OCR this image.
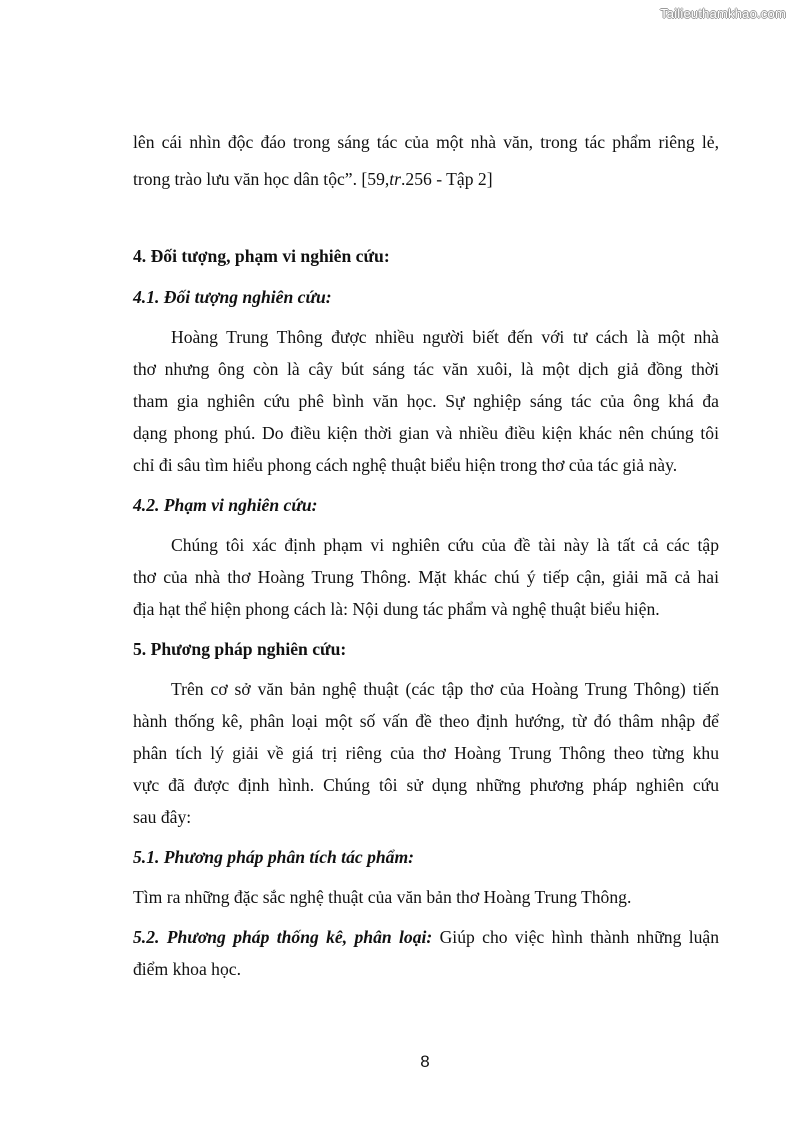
Tailieuthamkhao.com
lên cái nhìn độc đáo trong sáng tác của một nhà văn, trong tác phẩm riêng lẻ,
trong trào lưu văn học dân tộc”. [59,tr.256 - Tập 2]
4. Đối tượng, phạm vi nghiên cứu:
4.1. Đối tượng nghiên cứu:
Hoàng Trung Thông được nhiều người biết đến với tư cách là một nhà
thơ nhưng ông còn là cây bút sáng tác văn xuôi, là một dịch giả đồng thời
tham gia nghiên cứu phê bình văn học. Sự nghiệp sáng tác của ông khá đa
dạng phong phú. Do điều kiện thời gian và nhiều điều kiện khác nên chúng tôi
chỉ đi sâu tìm hiểu phong cách nghệ thuật biểu hiện trong thơ của tác giả này.
4.2. Phạm vi nghiên cứu:
Chúng tôi xác định phạm vi nghiên cứu của đề tài này là tất cả các tập
thơ của nhà thơ Hoàng Trung Thông. Mặt khác chú ý tiếp cận, giải mã cả hai
địa hạt thể hiện phong cách là: Nội dung tác phẩm và nghệ thuật biểu hiện.
5. Phương pháp nghiên cứu:
Trên cơ sở văn bản nghệ thuật (các tập thơ của Hoàng Trung Thông) tiến
hành thống kê, phân loại một số vấn đề theo định hướng, từ đó thâm nhập để
phân tích lý giải về giá trị riêng của thơ Hoàng Trung Thông theo từng khu
vực đã được định hình. Chúng tôi sử dụng những phương pháp nghiên cứu
sau đây:
5.1. Phương pháp phân tích tác phẩm:
Tìm ra những đặc sắc nghệ thuật của văn bản thơ Hoàng Trung Thông.
5.2. Phương pháp thống kê, phân loại: Giúp cho việc hình thành những luận
điểm khoa học.
8
